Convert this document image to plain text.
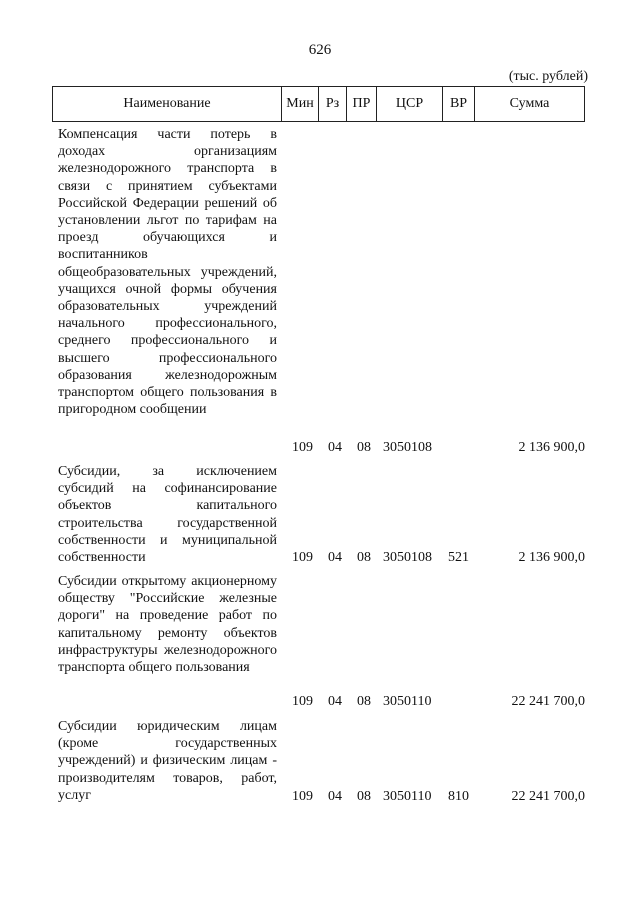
626
(тыс. рублей)
Наименование	Мин Рз ПР	ЦСР	ВР	Сумма
Компенсация части потерь в доходах организациям железнодорожного транспорта в связи с принятием субъектами Российской Федерации решений об установлении льгот по тарифам на проезд обучающихся и воспитанников общеобразовательных учреждений, учащихся очной формы обучения образовательных учреждений начального профессионального, среднего профессионального и высшего профессионального образования железнодорожным транспортом общего пользования в пригородном сообщении
109 04 08 3050108	2 136 900,0
Субсидии, за исключением субсидий на софинансирование объектов капитального строительства государственной собственности и муниципальной собственности	109 04 08 3050108 521	2 136 900,0
Субсидии открытому акционерному обществу "Российские железные дороги" на проведение работ по капитальному ремонту объектов инфраструктуры железнодорожного транспорта общего пользования
109 04 08 3050110	22 241 700,0
Субсидии юридическим лицам (кроме государственных учреждений) и физическим лицам - производителям товаров, работ, услуг	109 04 08 3050110 810	22 241 700,0
